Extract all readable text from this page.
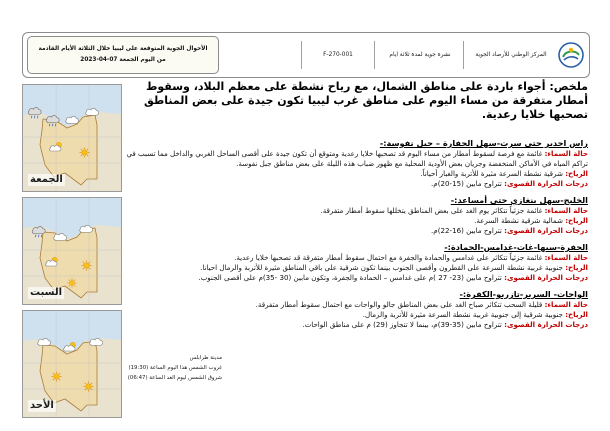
الأحوال الجوية المتوقعة على ليبيا خلال الثلاثة الأيام القادمة
من اليوم الجمعة 07-04-2023
F-270-001	نشرة جوية لمدة ثلاثة ايام	المركز الوطني للأرصاد الجوية
الجمعة
السبت
الأحد

مدينة طرابلس

غروب الشمس هذا اليوم الساعة (19:30)

شروق الشمس ليوم الغد الساعة (06:47)

ملخص: أجواء باردة على مناطق الشمال، مع رياح نشطة على معظم البلاد، وسقوط أمطار متفرقة من مساء اليوم على مناطق غرب ليبيا تكون جيدة على بعض المناطق تصحبها خلايا رعدية.

راس اجدير حتى سرت-سهل الجفارة – جبل نفوسة:-

حالة السماء: غائمة مع فرصة لسقوط أمطار من مساء اليوم قد تصحبها خلايا رعدية ومتوقع أن تكون جيدة على أقصى الساحل الغربي والداخل مما تسبب في تراكم المياه في الأماكن المنخفضة وجريان بعض الأودية المحلية مع ظهور ضباب هذه الليلة على بعض مناطق جبل نفوسة.

الرياح: شرقية نشطة السرعة مثيرة للأتربة والغبار أحياناً.

درجات الحرارة القصوى: تتراوح مابين (15-20)م.

الخليج-سهل بنغازي حتى أمساعد:-

حالة السماء: غائمة جزئياً تتكاثر يوم الغد على بعض المناطق يتخللها سقوط أمطار متفرقة.

الرياح: شمالية شرقية نشطة السرعة.

درجات الحرارة القصوى: تتراوح مابين (16-22)م.

الجفرة-سبها-غات-غدامس-الحمادة:-

حالة السماء: غائمة جزئياً تتكاثر على غدامس والحمادة والجفرة مع احتمال سقوط أمطار متفرقة قد تصحبها خلايا رعدية.

الرياح: جنوبية غربية نشطة السرعة على القطرون وأقصى الجنوب بينما تكون شرقية على باقي المناطق مثيرة للأتربة والرمال احيانا.

درجات الحرارة القصوى: تتراوح مابين (23- 27 )م على غدامس – الحمادة والجفرة، وتكون مابين (30 -35)م على أقصى الجنوب.

الواحات- السرير-تازربو-الكفرة:-

حالة السماء: قليلة السحب تتكاثر صباح الغد على بعض المناطق جالو والواحات مع احتمال سقوط أمطار متفرقة.

الرياح: جنوبية شرقية إلى جنوبية غربية نشطة السرعة مثيرة للأتربة والرمال.

درجات الحرارة القصوى: تتراوح مابين (35-39)م، بينما لا تتجاوز (29) م على مناطق الواحات.
